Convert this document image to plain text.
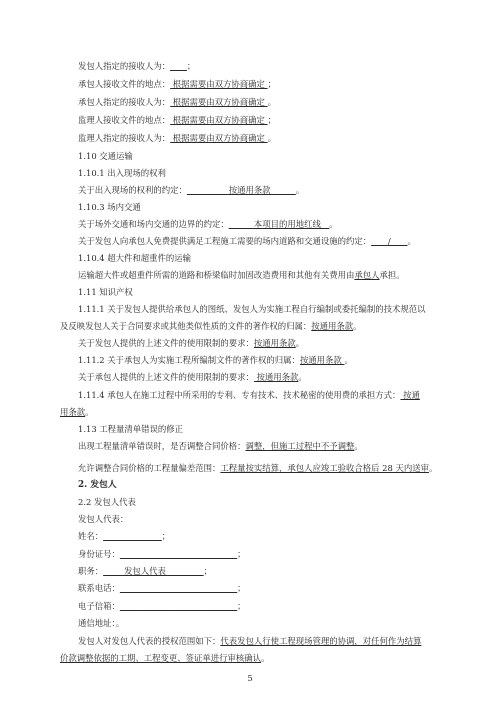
发包人指定的接收人为：____；
承包人接收文件的地点： 根据需要由双方协商确定 ；
承包人指定的接收人为： 根据需要由双方协商确定 。
监理人接收文件的地点： 根据需要由双方协商确定 ；
监理人指定的接收人为： 根据需要由双方协商确定 。
1.10 交通运输
1.10.1 出入现场的权利
关于出入现场的权利的约定：__________按通用条款______。
1.10.3 场内交通
关于场外交通和场内交通的边界的约定：______本项目的用地红线__。
关于发包人向承包人免费提供满足工程施工需要的场内道路和交通设施的约定：____/____。
1.10.4 超大件和超重件的运输
运输超大件或超重件所需的道路和桥梁临时加固改造费用和其他有关费用由承包人承担。
1.11 知识产权
1.11.1 关于发包人提供给承包人的图纸、发包人为实施工程自行编制或委托编制的技术规范以
及反映发包人关于合同要求或其他类似性质的文件的著作权的归属：按通用条款。
关于发包人提供的上述文件的使用限制的要求：按通用条款。
1.11.2 关于承包人为实施工程所编制文件的著作权的归属：按通用条款 。
关于承包人提供的上述文件的使用限制的要求： 按通用条款。
1.11.4 承包人在施工过程中所采用的专利、专有技术、技术秘密的使用费的承担方式： 按通
用条款。
1.13 工程量清单错误的修正
出现工程量清单错误时，是否调整合同价格：调整，但施工过程中不予调整。
允许调整合同价格的工程量偏差范围：工程量按实结算，承包人应竣工验收合格后 28 天内送审。
2. 发包人
2.2 发包人代表
发包人代表：
姓名：______________；
身份证号：____________________________；
职务：_____发包人代表_________；
联系电话：____________________________；
电子信箱：____________________________；
通信地址：。
发包人对发包人代表的授权范围如下：代表发包人行使工程现场管理的协调，对任何作为结算
价款调整依据的工期、工程变更、签证单进行审核确认。
5
